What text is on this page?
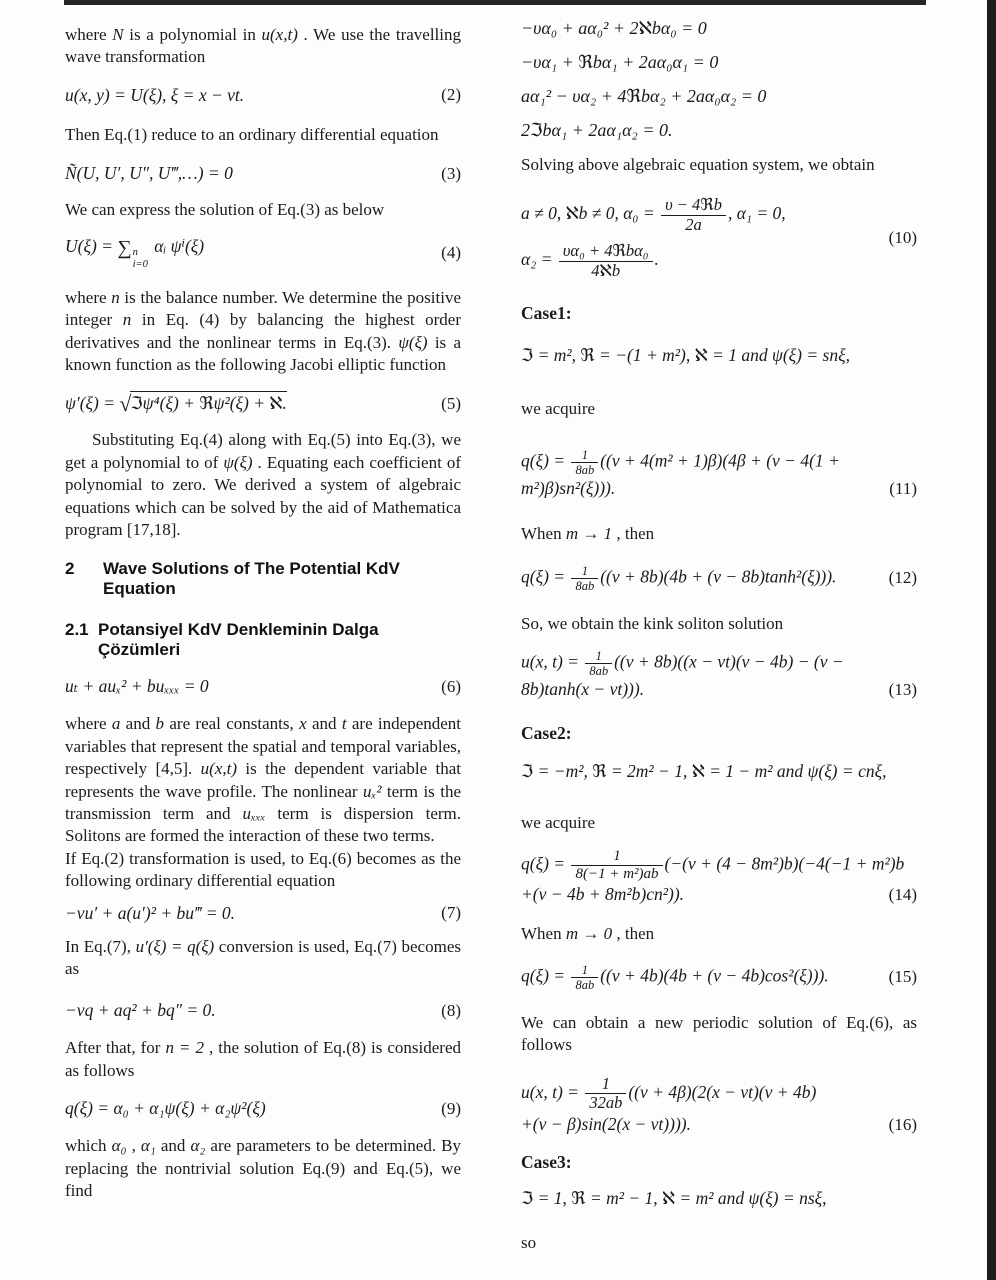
where N is a polynomial in u(x,t) . We use the travelling wave transformation

u(x, y) = U(ξ), ξ = x − vt.	(2)

Then Eq.(1) reduce to an ordinary differential equation

Ñ(U, U′, U″, U‴,…) = 0	(3)

We can express the solution of Eq.(3) as below

U(ξ) = ∑ n
i=0
αᵢ ψⁱ(ξ)	(4)

where n is the balance number. We determine the positive integer n in Eq. (4) by balancing the highest order derivatives and the nonlinear terms in Eq.(3). ψ(ξ) is a known function as the following Jacobi elliptic function

ψ′(ξ) = √ℑψ⁴(ξ) + ℜψ²(ξ) + ℵ.	(5)

Substituting Eq.(4) along with Eq.(5) into Eq.(3), we get a polynomial to of ψ(ξ) . Equating each coefficient of polynomial to zero. We derived a system of algebraic equations which can be solved by the aid of Mathematica program [17,18].

2	Wave Solutions of The Potential KdV Equation
2.1 Potansiyel KdV Denkleminin Dalga Çözümleri
uₜ + auₓ² + buₓₓₓ = 0	(6)

where a and b are real constants, x and t are independent variables that represent the spatial and temporal variables, respectively [4,5]. u(x,t) is the dependent variable that represents the wave profile. The nonlinear uₓ² term is the transmission term and uₓₓₓ term is dispersion term. Solitons are formed the interaction of these two terms.

If Eq.(2) transformation is used, to Eq.(6) becomes as the following ordinary differential equation

−vu′ + a(u′)² + bu‴ = 0.	(7)

In Eq.(7), u′(ξ) = q(ξ) conversion is used, Eq.(7) becomes as

−vq + aq² + bq″ = 0.	(8)

After that, for n = 2 , the solution of Eq.(8) is considered as follows

q(ξ) = α₀ + α₁ψ(ξ) + α₂ψ²(ξ)	(9)

which α₀ , α₁ and α₂ are parameters to be determined. By replacing the nontrivial solution Eq.(9) and Eq.(5), we find

−υα₀ + aα₀² + 2ℵbα₀ = 0
−υα₁ + ℜbα₁ + 2aα₀α₁ = 0
aα₁² − υα₂ + 4ℜbα₂ + 2aα₀α₂ = 0
2ℑbα₁ + 2aα₁α₂ = 0.

Solving above algebraic equation system, we obtain

a ≠ 0, ℵb ≠ 0, $\alpha_0 = \frac{\text{υ − 4ℜb}}{2a}$ , α₁ = 0,
$\alpha_2 = \frac{\text{υα₀ + 4ℜbα₀}}{\text{4ℵb}}$ .
(10)

Case1:

ℑ = m², ℜ = −(1 + m²), ℵ = 1 and ψ(ξ) = snξ,

we acquire

$q(\xi) = \frac{1}{8ab} ((v + 4(m^2 + 1)\beta)(4\beta + (v - 4(1$ +
m²)β)sn²(ξ))).	(11)

When m → 1 , then

$q(\xi) = \frac{1}{8ab} ((v + 8b)(4b + (v - 8b)\tanh^2(\xi)))$.	(12)

So, we obtain the kink soliton solution

u(x, $t) = \frac{1}{8ab} ((v + 8b)((x - vt)(v - 4b) - (v$ −
8b)tanh(x − vt))).	(13)

Case2:

ℑ = −m², ℜ = 2m² − 1, ℵ = 1 − m² and ψ(ξ) = cnξ,

we acquire

$q(\xi) = \frac{1}{\text{8(−1 + m²)ab}} (-(v + (4 - 8m^2)b)(-4(-1 + m^2)b$
+(v − 4b + 8m²b)cn²)).	(14)

When m → 0 , then

$q(\xi) = \frac{1}{8ab} ((v + 4b)(4b + (v - 4b)\cos^2(\xi)))$.	(15)

We can obtain a new periodic solution of Eq.(6), as follows

u(x, $t) = \frac{1}{32ab} ((v + 4\beta)(2(x - vt)(v + 4b)$
+(v − β)sin(2(x − vt)))).	(16)

Case3:

ℑ = 1, ℜ = m² − 1, ℵ = m² and ψ(ξ) = nsξ,

so
